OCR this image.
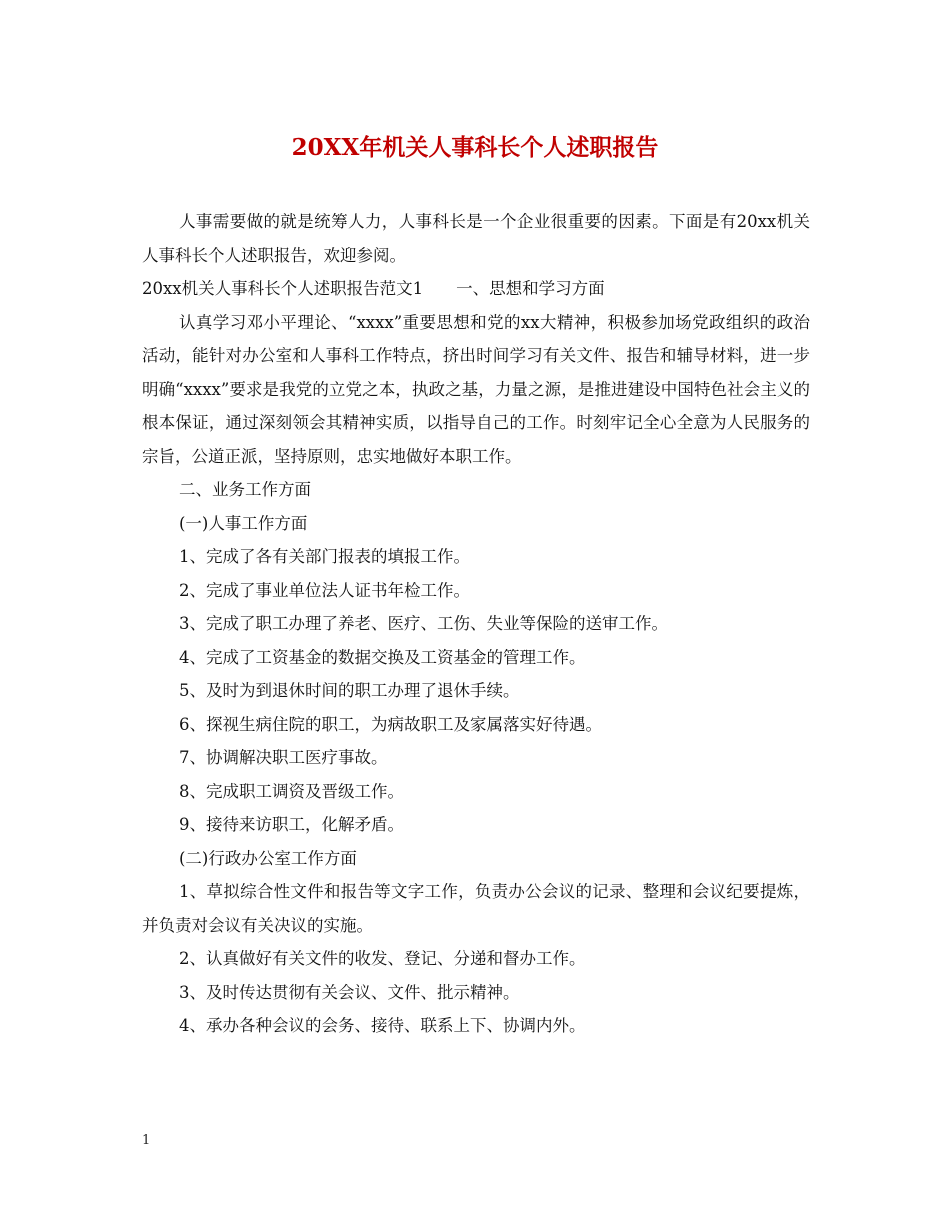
20XX年机关人事科长个人述职报告

人事需要做的就是统筹人力，人事科长是一个企业很重要的因素。下面是有20xx机关人事科长个人述职报告，欢迎参阅。

20xx机关人事科长个人述职报告范文1　　一、思想和学习方面

认真学习邓小平理论、“xxxx”重要思想和党的xx大精神，积极参加场党政组织的政治活动，能针对办公室和人事科工作特点，挤出时间学习有关文件、报告和辅导材料，进一步明确“xxxx”要求是我党的立党之本，执政之基，力量之源，是推进建设中国特色社会主义的根本保证，通过深刻领会其精神实质，以指导自己的工作。时刻牢记全心全意为人民服务的宗旨，公道正派，坚持原则，忠实地做好本职工作。

二、业务工作方面

(一)人事工作方面

1、完成了各有关部门报表的填报工作。

2、完成了事业单位法人证书年检工作。

3、完成了职工办理了养老、医疗、工伤、失业等保险的送审工作。

4、完成了工资基金的数据交换及工资基金的管理工作。

5、及时为到退休时间的职工办理了退休手续。

6、探视生病住院的职工，为病故职工及家属落实好待遇。

7、协调解决职工医疗事故。

8、完成职工调资及晋级工作。

9、接待来访职工，化解矛盾。

(二)行政办公室工作方面

1、草拟综合性文件和报告等文字工作，负责办公会议的记录、整理和会议纪要提炼，并负责对会议有关决议的实施。

2、认真做好有关文件的收发、登记、分递和督办工作。

3、及时传达贯彻有关会议、文件、批示精神。

4、承办各种会议的会务、接待、联系上下、协调内外。

1
